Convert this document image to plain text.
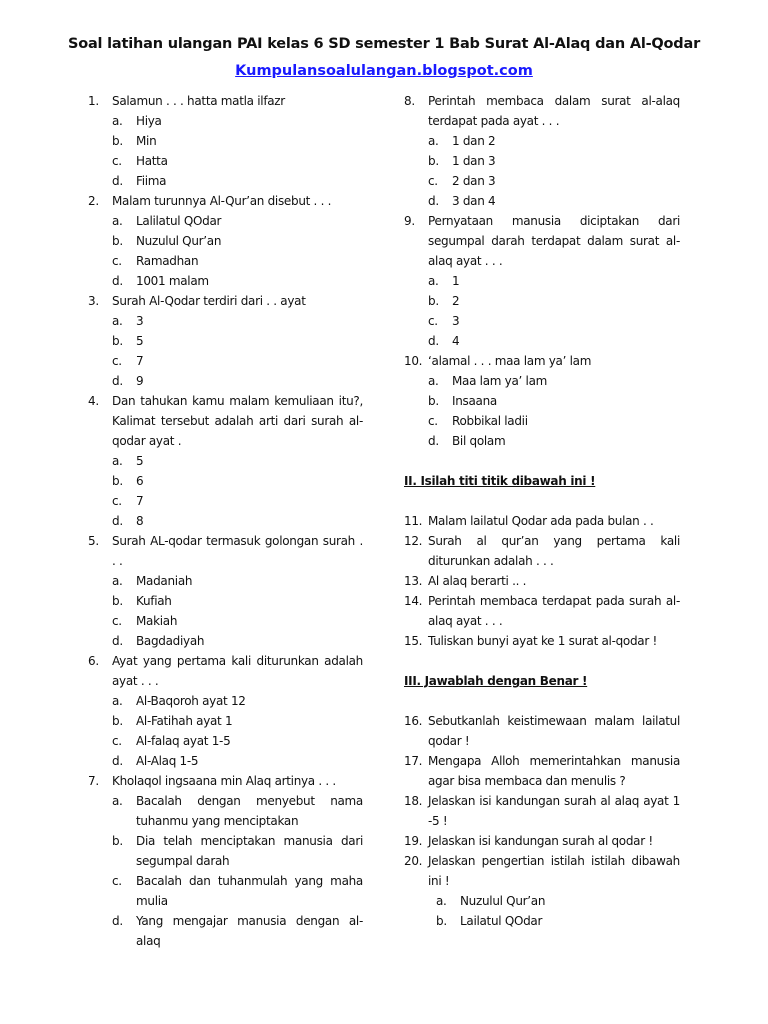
Soal latihan ulangan PAI kelas 6 SD semester 1 Bab Surat Al-Alaq dan Al-Qodar
Kumpulansoalulangan.blogspot.com
1.	Salamun . . . hatta matla ilfazr
a.	Hiya
b.	Min
c.	Hatta
d.	Fiima
2.	Malam turunnya Al-Qur’an disebut . . .
a.	Lalilatul QOdar
b.	Nuzulul Qur’an
c.	Ramadhan
d.	1001 malam
3.	Surah Al-Qodar terdiri dari . . ayat
a.	3
b.	5
c.	7
d.	9
4.	Dan tahukan kamu malam kemuliaan itu?, Kalimat tersebut adalah arti dari surah al-qodar ayat .
a.	5
b.	6
c.	7
d.	8
5.	Surah AL-qodar termasuk golongan surah . . .
a.	Madaniah
b.	Kufiah
c.	Makiah
d.	Bagdadiyah
6.	Ayat yang pertama kali diturunkan adalah ayat . . .
a.	Al-Baqoroh ayat 12
b.	Al-Fatihah ayat 1
c.	Al-falaq ayat 1-5
d.	Al-Alaq 1-5
7.	Kholaqol ingsaana min Alaq artinya . . .
a.	Bacalah dengan menyebut nama tuhanmu yang menciptakan
b.	Dia telah menciptakan manusia dari segumpal darah
c.	Bacalah dan tuhanmulah yang maha mulia
d.	Yang mengajar manusia dengan al-alaq
8.	Perintah membaca dalam surat al-alaq terdapat pada ayat . . .
a.	1 dan 2
b.	1 dan 3
c.	2 dan 3
d.	3 dan 4
9.	Pernyataan manusia diciptakan dari segumpal darah terdapat dalam surat al-alaq ayat . . .
a.	1
b.	2
c.	3
d.	4
10. ‘alamal . . . maa lam ya’ lam
a.	Maa lam ya’ lam
b.	Insaana
c.	Robbikal ladii
d.	Bil qolam
II. Isilah titi titik dibawah ini !
11. Malam lailatul Qodar ada pada bulan . .
12. Surah al qur’an yang pertama kali diturunkan adalah . . .
13. Al alaq berarti .. .
14. Perintah membaca terdapat pada surah al-alaq ayat . . .
15. Tuliskan bunyi ayat ke 1 surat al-qodar !
III. Jawablah dengan Benar !
16. Sebutkanlah keistimewaan malam lailatul qodar !
17. Mengapa Alloh memerintahkan manusia agar bisa membaca dan menulis ?
18. Jelaskan isi kandungan surah al alaq ayat 1 -5 !
19. Jelaskan isi kandungan surah al qodar !
20. Jelaskan pengertian istilah istilah dibawah ini !
a.	Nuzulul Qur’an
b.	Lailatul QOdar
